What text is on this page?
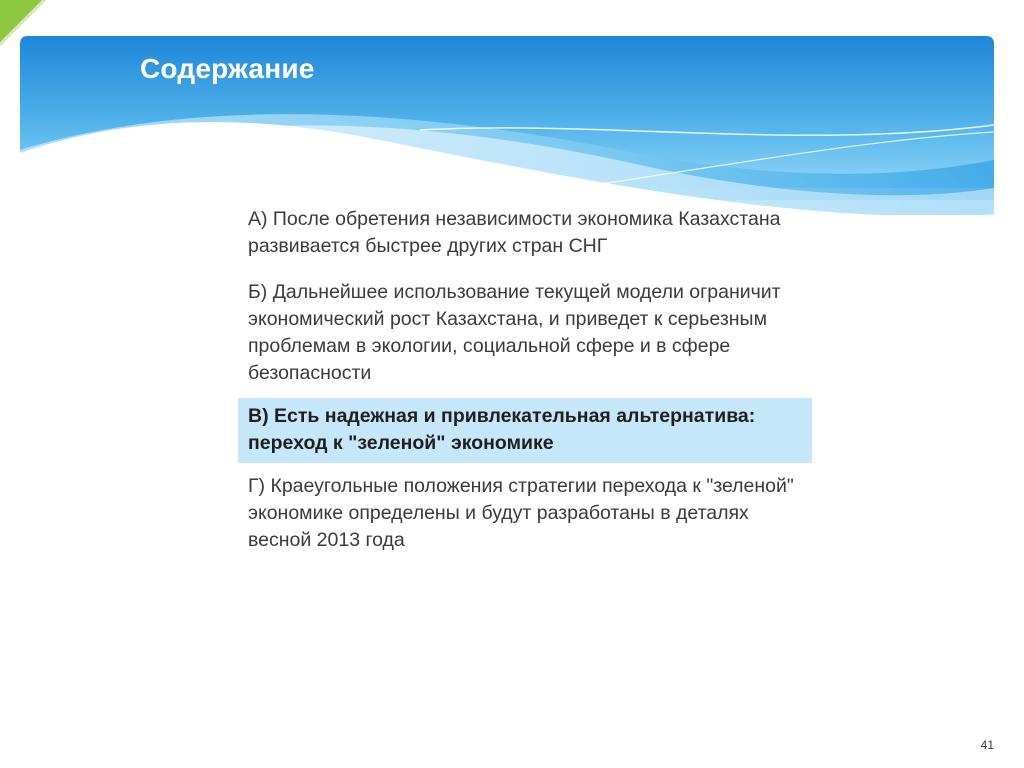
Содержание
А) После обретения независимости экономика Казахстана развивается быстрее других стран СНГ
Б) Дальнейшее использование текущей модели ограничит экономический рост Казахстана, и приведет к серьезным проблемам в экологии, социальной сфере и в сфере безопасности
В) Есть надежная и привлекательная альтернатива: переход к "зеленой" экономике
Г) Краеугольные положения стратегии перехода к "зеленой" экономике определены и будут разработаны в деталях весной 2013 года
41
